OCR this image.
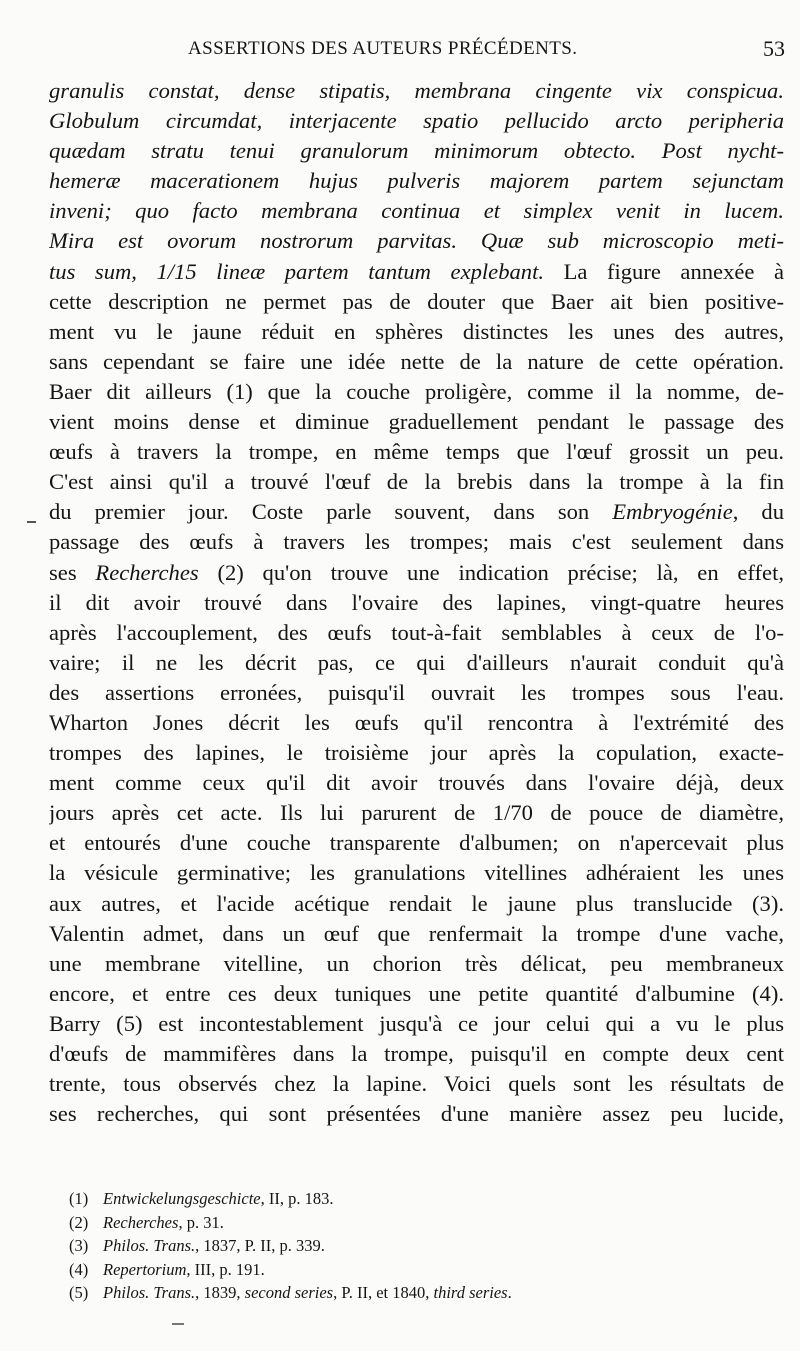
ASSERTIONS DES AUTEURS PRÉCÉDENTS.	53
granulis constat, dense stipatis, membrana cingente vix conspicua.
Globulum circumdat, interjacente spatio pellucido arcto peripheria
quædam stratu tenui granulorum minimorum obtecto. Post nycht-
hemeræ macerationem hujus pulveris majorem partem sejunctam
inveni; quo facto membrana continua et simplex venit in lucem.
Mira est ovorum nostrorum parvitas. Quæ sub microscopio meti-
tus sum, 1/15 lineæ partem tantum explebant. La figure annexée à
cette description ne permet pas de douter que Baer ait bien positive-
ment vu le jaune réduit en sphères distinctes les unes des autres,
sans cependant se faire une idée nette de la nature de cette opération.
Baer dit ailleurs (1) que la couche proligère, comme il la nomme, de-
vient moins dense et diminue graduellement pendant le passage des
œufs à travers la trompe, en même temps que l'œuf grossit un peu.
C'est ainsi qu'il a trouvé l'œuf de la brebis dans la trompe à la fin
du premier jour. Coste parle souvent, dans son Embryogénie, du
passage des œufs à travers les trompes; mais c'est seulement dans
ses Recherches (2) qu'on trouve une indication précise; là, en effet,
il dit avoir trouvé dans l'ovaire des lapines, vingt-quatre heures
après l'accouplement, des œufs tout-à-fait semblables à ceux de l'o-
vaire; il ne les décrit pas, ce qui d'ailleurs n'aurait conduit qu'à
des assertions erronées, puisqu'il ouvrait les trompes sous l'eau.
Wharton Jones décrit les œufs qu'il rencontra à l'extrémité des
trompes des lapines, le troisième jour après la copulation, exacte-
ment comme ceux qu'il dit avoir trouvés dans l'ovaire déjà, deux
jours après cet acte. Ils lui parurent de 1/70 de pouce de diamètre,
et entourés d'une couche transparente d'albumen; on n'apercevait plus
la vésicule germinative; les granulations vitellines adhéraient les unes
aux autres, et l'acide acétique rendait le jaune plus translucide (3).
Valentin admet, dans un œuf que renfermait la trompe d'une vache,
une membrane vitelline, un chorion très délicat, peu membraneux
encore, et entre ces deux tuniques une petite quantité d'albumine (4).
Barry (5) est incontestablement jusqu'à ce jour celui qui a vu le plus
d'œufs de mammifères dans la trompe, puisqu'il en compte deux cent
trente, tous observés chez la lapine. Voici quels sont les résultats de
ses recherches, qui sont présentées d'une manière assez peu lucide,
(1) Entwickelungsgeschicte, II, p. 183.
(2) Recherches, p. 31.
(3) Philos. Trans., 1837, P. II, p. 339.
(4) Repertorium, III, p. 191.
(5) Philos. Trans., 1839, second series, P. II, et 1840, third series.
